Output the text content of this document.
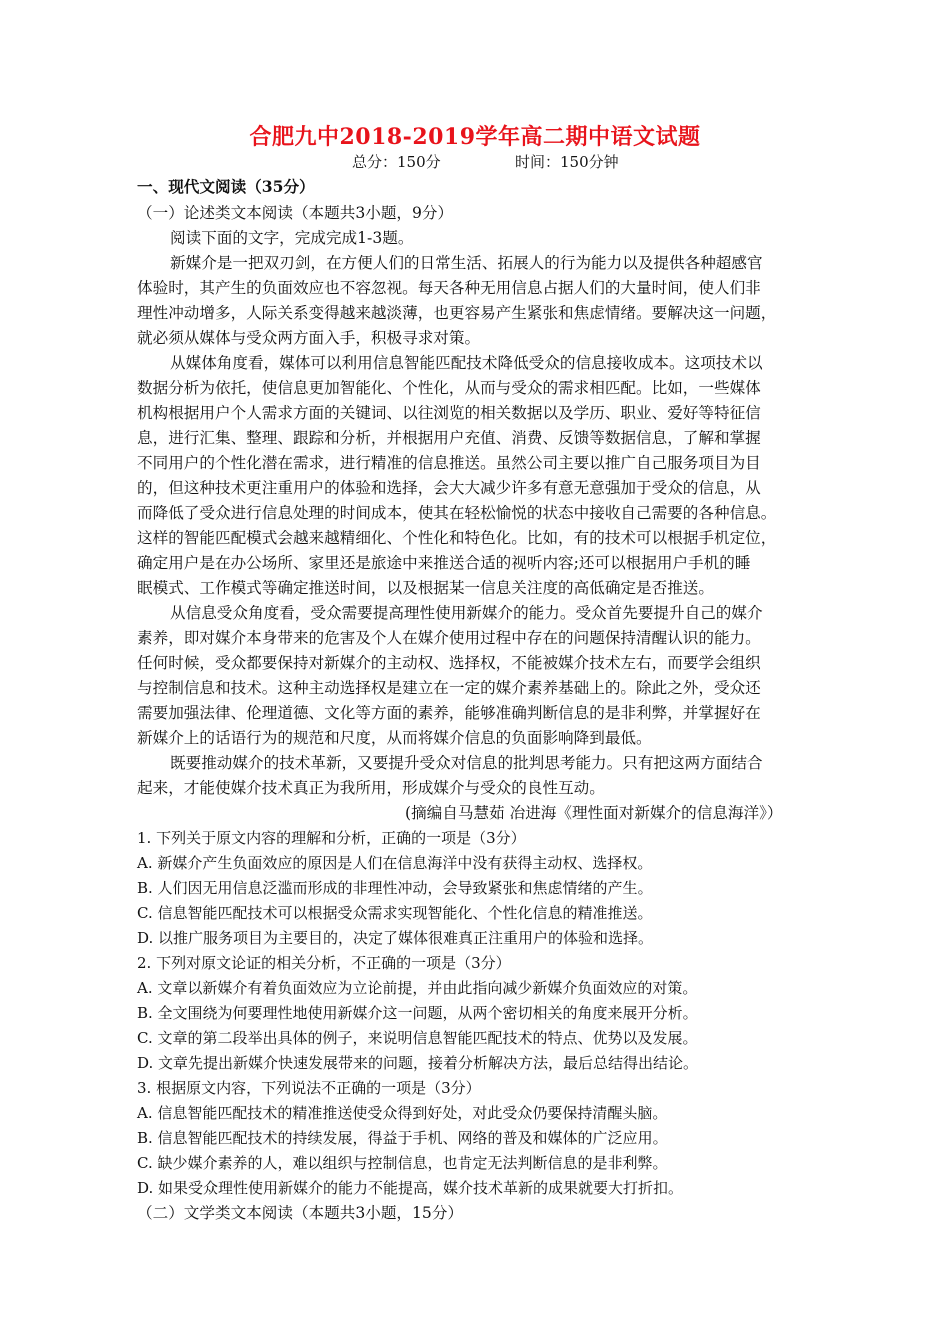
合肥九中2018-2019学年高二期中语文试题
总分：150分	时间：150分钟
一、现代文阅读（35分）
（一）论述类文本阅读（本题共3小题，9分）
阅读下面的文字，完成完成1-3题。
新媒介是一把双刃剑，在方便人们的日常生活、拓展人的行为能力以及提供各种超感官
体验时，其产生的负面效应也不容忽视。每天各种无用信息占据人们的大量时间，使人们非
理性冲动增多，人际关系变得越来越淡薄，也更容易产生紧张和焦虑情绪。要解决这一问题，
就必须从媒体与受众两方面入手，积极寻求对策。
从媒体角度看，媒体可以利用信息智能匹配技术降低受众的信息接收成本。这项技术以
数据分析为依托，使信息更加智能化、个性化，从而与受众的需求相匹配。比如，一些媒体
机构根据用户个人需求方面的关键词、以往浏览的相关数据以及学历、职业、爱好等特征信
息，进行汇集、整理、跟踪和分析，并根据用户充值、消费、反馈等数据信息，了解和掌握
不同用户的个性化潜在需求，进行精准的信息推送。虽然公司主要以推广自己服务项目为目
的，但这种技术更注重用户的体验和选择，会大大减少许多有意无意强加于受众的信息，从
而降低了受众进行信息处理的时间成本，使其在轻松愉悦的状态中接收自己需要的各种信息。
这样的智能匹配模式会越来越精细化、个性化和特色化。比如，有的技术可以根据手机定位，
确定用户是在办公场所、家里还是旅途中来推送合适的视听内容;还可以根据用户手机的睡
眠模式、工作模式等确定推送时间，以及根据某一信息关注度的高低确定是否推送。
从信息受众角度看，受众需要提高理性使用新媒介的能力。受众首先要提升自己的媒介
素养，即对媒介本身带来的危害及个人在媒介使用过程中存在的问题保持清醒认识的能力。
任何时候，受众都要保持对新媒介的主动权、选择权，不能被媒介技术左右，而要学会组织
与控制信息和技术。这种主动选择权是建立在一定的媒介素养基础上的。除此之外，受众还
需要加强法律、伦理道德、文化等方面的素养，能够准确判断信息的是非利弊，并掌握好在
新媒介上的话语行为的规范和尺度，从而将媒介信息的负面影响降到最低。
既要推动媒介的技术革新，又要提升受众对信息的批判思考能力。只有把这两方面结合
起来，才能使媒介技术真正为我所用，形成媒介与受众的良性互动。
(摘编自马慧茹 冶进海《理性面对新媒介的信息海洋》）
1. 下列关于原文内容的理解和分析，正确的一项是（3分）
A. 新媒介产生负面效应的原因是人们在信息海洋中没有获得主动权、选择权。
B. 人们因无用信息泛滥而形成的非理性冲动，会导致紧张和焦虑情绪的产生。
C. 信息智能匹配技术可以根据受众需求实现智能化、个性化信息的精准推送。
D. 以推广服务项目为主要目的，决定了媒体很难真正注重用户的体验和选择。
2. 下列对原文论证的相关分析，不正确的一项是（3分）
A. 文章以新媒介有着负面效应为立论前提，并由此指向减少新媒介负面效应的对策。
B. 全文围绕为何要理性地使用新媒介这一问题，从两个密切相关的角度来展开分析。
C. 文章的第二段举出具体的例子，来说明信息智能匹配技术的特点、优势以及发展。
D. 文章先提出新媒介快速发展带来的问题，接着分析解决方法，最后总结得出结论。
3. 根据原文内容，下列说法不正确的一项是（3分）
A. 信息智能匹配技术的精准推送使受众得到好处，对此受众仍要保持清醒头脑。
B. 信息智能匹配技术的持续发展，得益于手机、网络的普及和媒体的广泛应用。
C. 缺少媒介素养的人，难以组织与控制信息，也肯定无法判断信息的是非利弊。
D. 如果受众理性使用新媒介的能力不能提高，媒介技术革新的成果就要大打折扣。
（二）文学类文本阅读（本题共3小题，15分）
